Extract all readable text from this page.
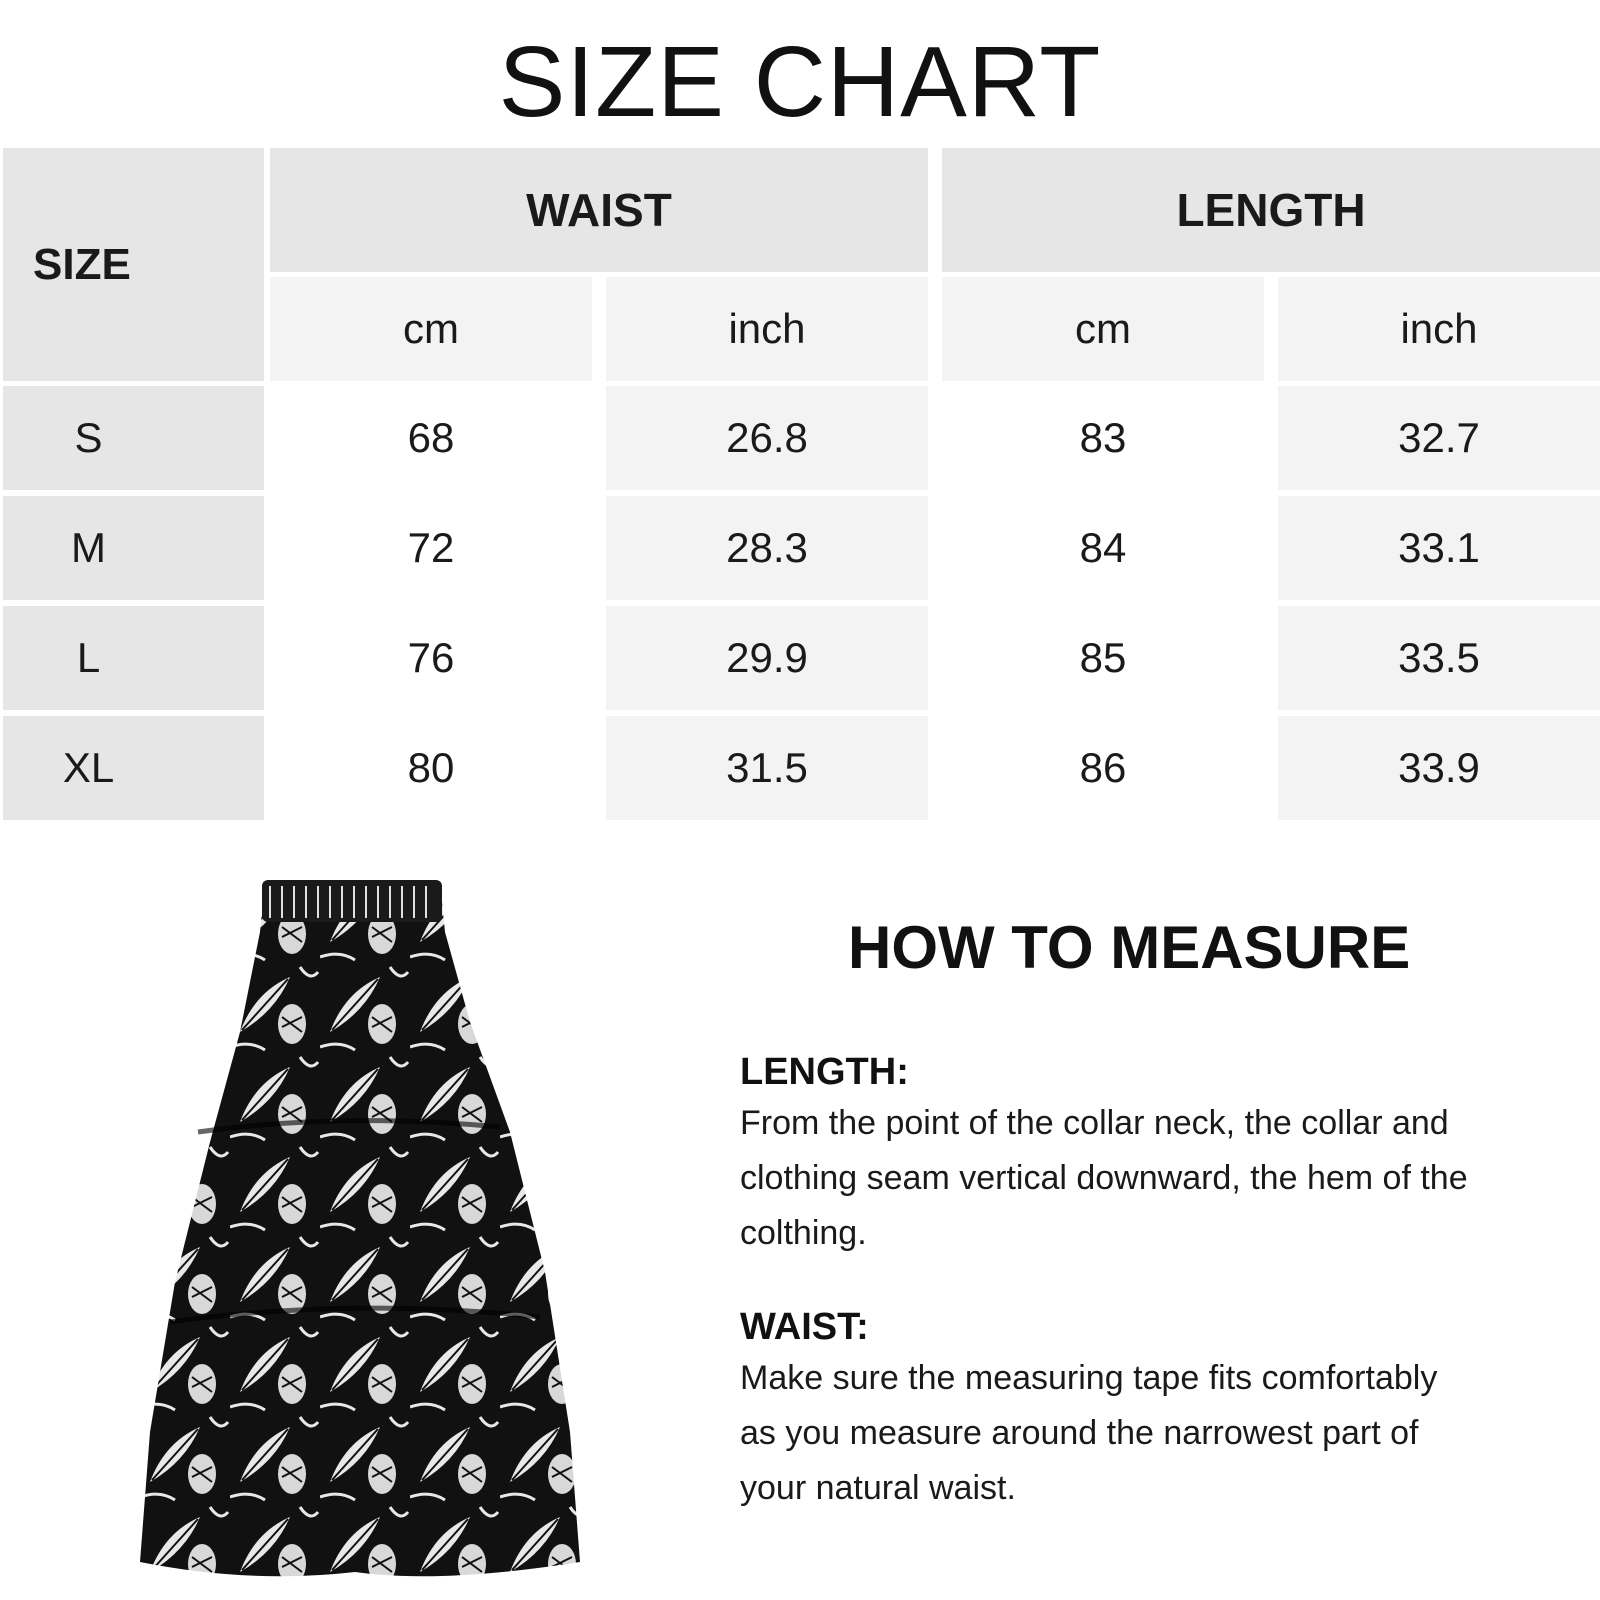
SIZE CHART
SIZE
WAIST	LENGTH
cm	inch	cm	inch
S	68	26.8	83	32.7
M	72	28.3	84	33.1
L	76	29.9	85	33.5
XL	80	31.5	86	33.9
HOW TO MEASURE
LENGTH:
From the point of the collar neck, the collar and
clothing seam vertical downward, the hem of the
colthing.
WAIST:
Make sure the measuring tape fits comfortably
as you measure around the narrowest part of
your natural waist.
